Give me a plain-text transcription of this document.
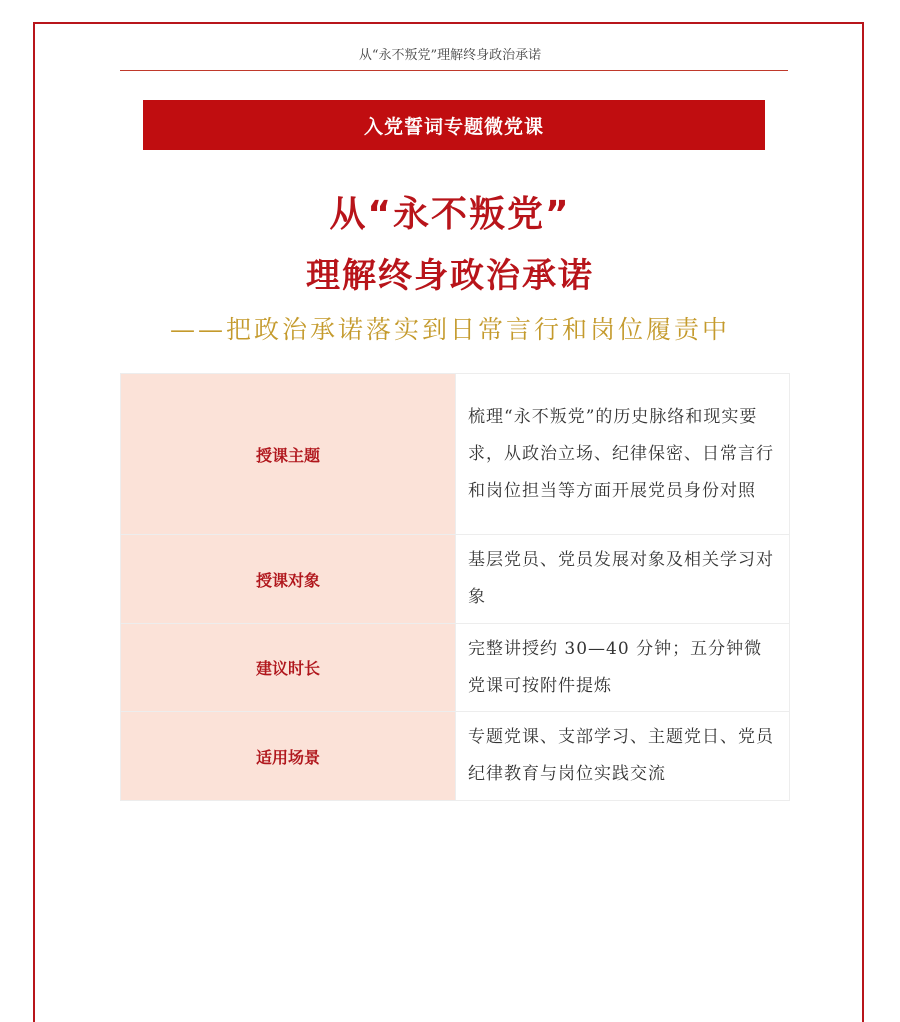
从“永不叛党”理解终身政治承诺
入党誓词专题微党课
从“永不叛党”
理解终身政治承诺
——把政治承诺落实到日常言行和岗位履责中
授课主题	梳理“永不叛党”的历史脉络和现实要求，从政治立场、纪律保密、日常言行和岗位担当等方面开展党员身份对照
授课对象	基层党员、党员发展对象及相关学习对象
建议时长	完整讲授约 30—40 分钟；五分钟微党课可按附件提炼
适用场景	专题党课、支部学习、主题党日、党员纪律教育与岗位实践交流
